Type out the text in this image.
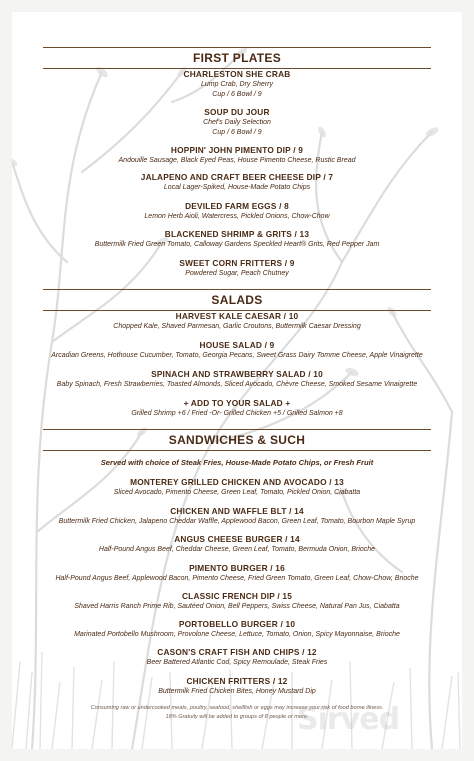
FIRST PLATES
CHARLESTON SHE CRAB
Lump Crab, Dry Sherry
Cup / 6 Bowl / 9
SOUP DU JOUR
Chef's Daily Selection
Cup / 6 Bowl / 9
HOPPIN' JOHN PIMENTO DIP / 9
Andouille Sausage, Black Eyed Peas, House Pimento Cheese, Rustic Bread
JALAPENO AND CRAFT BEER CHEESE DIP / 7
Local Lager-Spiked, House-Made Potato Chips
DEVILED FARM EGGS / 8
Lemon Herb Aioli, Watercress, Pickled Onions, Chow-Chow
BLACKENED SHRIMP & GRITS / 13
Buttermilk Fried Green Tomato, Calloway Gardens Speckled Heart® Grits, Red Pepper Jam
SWEET CORN FRITTERS / 9
Powdered Sugar, Peach Chutney
SALADS
HARVEST KALE CAESAR / 10
Chopped Kale, Shaved Parmesan, Garlic Croutons, Buttermilk Caesar Dressing
HOUSE SALAD / 9
Arcadian Greens, Hothouse Cucumber, Tomato, Georgia Pecans, Sweet Grass Dairy Tomme Cheese, Apple Vinaigrette
SPINACH AND STRAWBERRY SALAD / 10
Baby Spinach, Fresh Strawberries, Toasted Almonds, Sliced Avocado, Chèvre Cheese, Smoked Sesame Vinaigrette
+ ADD TO YOUR SALAD +
Grilled Shrimp +6 / Fried -Or- Grilled Chicken +5 / Grilled Salmon +8
SANDWICHES & SUCH
Served with choice of Steak Fries, House-Made Potato Chips, or Fresh Fruit
MONTEREY GRILLED CHICKEN AND AVOCADO / 13
Sliced Avocado, Pimento Cheese, Green Leaf, Tomato, Pickled Onion, Ciabatta
CHICKEN AND WAFFLE BLT / 14
Buttermilk Fried Chicken, Jalapeno Cheddar Waffle, Applewood Bacon, Green Leaf, Tomato, Bourbon Maple Syrup
ANGUS CHEESE BURGER / 14
Half-Pound Angus Beef, Cheddar Cheese, Green Leaf, Tomato, Bermuda Onion, Brioche
PIMENTO BURGER / 16
Half-Pound Angus Beef, Applewood Bacon, Pimento Cheese, Fried Green Tomato, Green Leaf, Chow-Chow, Brioche
CLASSIC FRENCH DIP / 15
Shaved Harris Ranch Prime Rib, Sautéed Onion, Bell Peppers, Swiss Cheese, Natural Pan Jus, Ciabatta
PORTOBELLO BURGER / 10
Marinated Portobello Mushroom, Provolone Cheese, Lettuce, Tomato, Onion, Spicy Mayonnaise, Brioche
CASON'S CRAFT FISH AND CHIPS / 12
Beer Battered Atlantic Cod, Spicy Remoulade, Steak Fries
CHICKEN FRITTERS / 12
Buttermilk Fried Chicken Bites, Honey Mustard Dip
Consuming raw or undercooked meats, poultry, seafood, shellfish or eggs may increase your risk of food borne illness.
18% Gratuity will be added to groups of 8 people or more.
Sirved
